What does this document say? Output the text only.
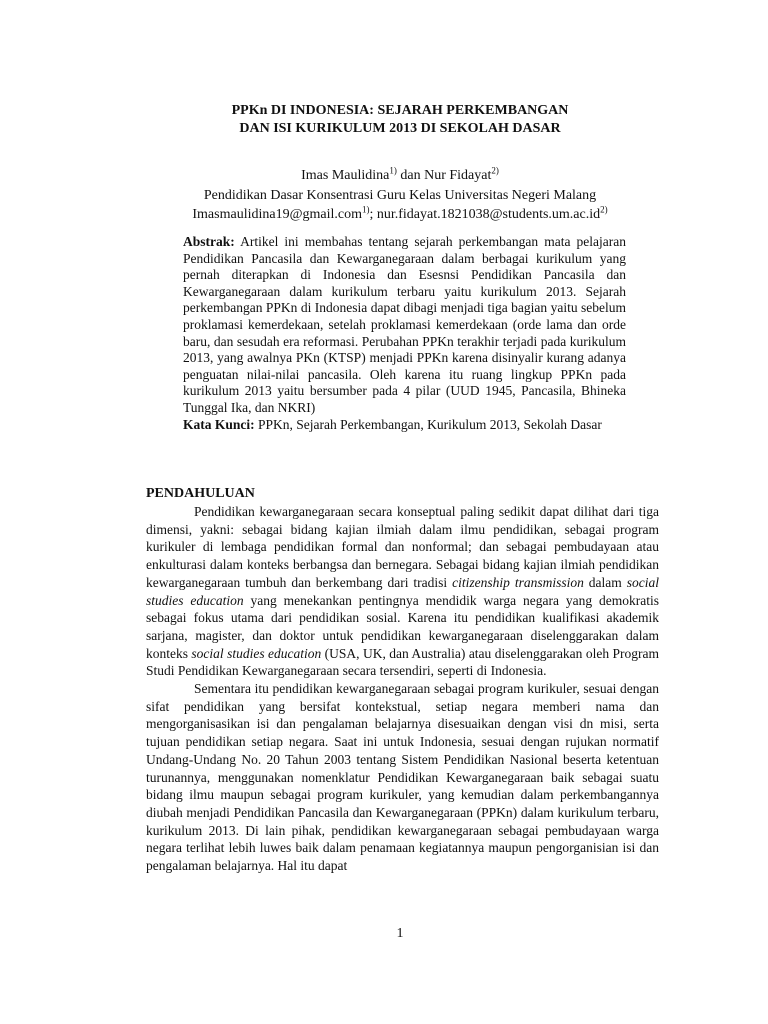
PPKn DI INDONESIA: SEJARAH PERKEMBANGAN
DAN ISI KURIKULUM 2013 DI SEKOLAH DASAR
Imas Maulidina$^{1)}$ dan Nur Fidayat$^{2)}$
Pendidikan Dasar Konsentrasi Guru Kelas Universitas Negeri Malang
Imasmaulidina19@gmail.com$^{1)}$; $nur.fidayat.1821038@students.um.ac.id^{2)}$
Abstrak: Artikel ini membahas tentang sejarah perkembangan mata pelajaran Pendidikan Pancasila dan Kewarganegaraan dalam berbagai kurikulum yang pernah diterapkan di Indonesia dan Esesnsi Pendidikan Pancasila dan Kewarganegaraan dalam kurikulum terbaru yaitu kurikulum 2013. Sejarah perkembangan PPKn di Indonesia dapat dibagi menjadi tiga bagian yaitu sebelum proklamasi kemerdekaan, setelah proklamasi kemerdekaan (orde lama dan orde baru, dan sesudah era reformasi. Perubahan PPKn terakhir terjadi pada kurikulum 2013, yang awalnya PKn (KTSP) menjadi PPKn karena disinyalir kurang adanya penguatan nilai-nilai pancasila. Oleh karena itu ruang lingkup PPKn pada kurikulum 2013 yaitu bersumber pada 4 pilar (UUD 1945, Pancasila, Bhineka Tunggal Ika, dan NKRI)
Kata Kunci: PPKn, Sejarah Perkembangan, Kurikulum 2013, Sekolah Dasar
PENDAHULUAN

Pendidikan kewarganegaraan secara konseptual paling sedikit dapat dilihat dari tiga dimensi, yakni: sebagai bidang kajian ilmiah dalam ilmu pendidikan, sebagai program kurikuler di lembaga pendidikan formal dan nonformal; dan sebagai pembudayaan atau enkulturasi dalam konteks berbangsa dan bernegara. Sebagai bidang kajian ilmiah pendidikan kewarganegaraan tumbuh dan berkembang dari tradisi citizenship transmission dalam social studies education yang menekankan pentingnya mendidik warga negara yang demokratis sebagai fokus utama dari pendidikan sosial. Karena itu pendidikan kualifikasi akademik sarjana, magister, dan doktor untuk pendidikan kewarganegaraan diselenggarakan dalam konteks social studies education (USA, UK, dan Australia) atau diselenggarakan oleh Program Studi Pendidikan Kewarganegaraan secara tersendiri, seperti di Indonesia.

Sementara itu pendidikan kewarganegaraan sebagai program kurikuler, sesuai dengan sifat pendidikan yang bersifat kontekstual, setiap negara memberi nama dan mengorganisasikan isi dan pengalaman belajarnya disesuaikan dengan visi dn misi, serta tujuan pendidikan setiap negara. Saat ini untuk Indonesia, sesuai dengan rujukan normatif Undang-Undang No. 20 Tahun 2003 tentang Sistem Pendidikan Nasional beserta ketentuan turunannya, menggunakan nomenklatur Pendidikan Kewarganegaraan baik sebagai suatu bidang ilmu maupun sebagai program kurikuler, yang kemudian dalam perkembangannya diubah menjadi Pendidikan Pancasila dan Kewarganegaraan (PPKn) dalam kurikulum terbaru, kurikulum 2013. Di lain pihak, pendidikan kewarganegaraan sebagai pembudayaan warga negara terlihat lebih luwes baik dalam penamaan kegiatannya maupun pengorganisian isi dan pengalaman belajarnya. Hal itu dapat

1
